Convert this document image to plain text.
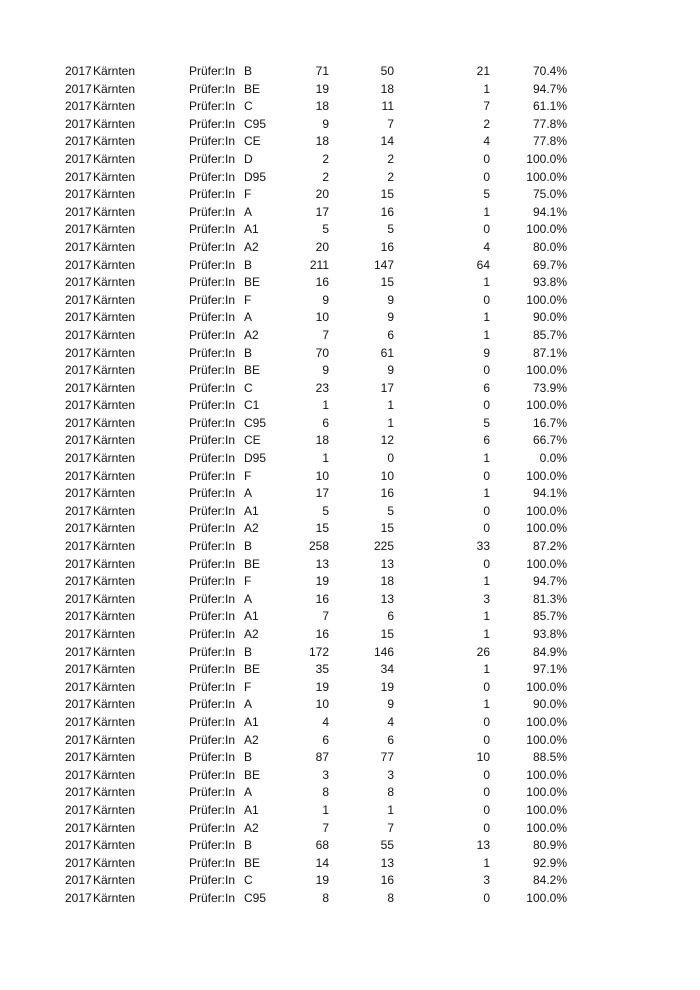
2017 Kärnten	Prüfer:In B	71	50	21	70.4%
2017 Kärnten	Prüfer:In BE	19	18	1	94.7%
2017 Kärnten	Prüfer:In C	18	11	7	61.1%
2017 Kärnten	Prüfer:In C95	9	7	2	77.8%
2017 Kärnten	Prüfer:In CE	18	14	4	77.8%
2017 Kärnten	Prüfer:In D	2	2	0	100.0%
2017 Kärnten	Prüfer:In D95	2	2	0	100.0%
2017 Kärnten	Prüfer:In F	20	15	5	75.0%
2017 Kärnten	Prüfer:In A	17	16	1	94.1%
2017 Kärnten	Prüfer:In A1	5	5	0	100.0%
2017 Kärnten	Prüfer:In A2	20	16	4	80.0%
2017 Kärnten	Prüfer:In B	211	147	64	69.7%
2017 Kärnten	Prüfer:In BE	16	15	1	93.8%
2017 Kärnten	Prüfer:In F	9	9	0	100.0%
2017 Kärnten	Prüfer:In A	10	9	1	90.0%
2017 Kärnten	Prüfer:In A2	7	6	1	85.7%
2017 Kärnten	Prüfer:In B	70	61	9	87.1%
2017 Kärnten	Prüfer:In BE	9	9	0	100.0%
2017 Kärnten	Prüfer:In C	23	17	6	73.9%
2017 Kärnten	Prüfer:In C1	1	1	0	100.0%
2017 Kärnten	Prüfer:In C95	6	1	5	16.7%
2017 Kärnten	Prüfer:In CE	18	12	6	66.7%
2017 Kärnten	Prüfer:In D95	1	0	1	0.0%
2017 Kärnten	Prüfer:In F	10	10	0	100.0%
2017 Kärnten	Prüfer:In A	17	16	1	94.1%
2017 Kärnten	Prüfer:In A1	5	5	0	100.0%
2017 Kärnten	Prüfer:In A2	15	15	0	100.0%
2017 Kärnten	Prüfer:In B	258	225	33	87.2%
2017 Kärnten	Prüfer:In BE	13	13	0	100.0%
2017 Kärnten	Prüfer:In F	19	18	1	94.7%
2017 Kärnten	Prüfer:In A	16	13	3	81.3%
2017 Kärnten	Prüfer:In A1	7	6	1	85.7%
2017 Kärnten	Prüfer:In A2	16	15	1	93.8%
2017 Kärnten	Prüfer:In B	172	146	26	84.9%
2017 Kärnten	Prüfer:In BE	35	34	1	97.1%
2017 Kärnten	Prüfer:In F	19	19	0	100.0%
2017 Kärnten	Prüfer:In A	10	9	1	90.0%
2017 Kärnten	Prüfer:In A1	4	4	0	100.0%
2017 Kärnten	Prüfer:In A2	6	6	0	100.0%
2017 Kärnten	Prüfer:In B	87	77	10	88.5%
2017 Kärnten	Prüfer:In BE	3	3	0	100.0%
2017 Kärnten	Prüfer:In A	8	8	0	100.0%
2017 Kärnten	Prüfer:In A1	1	1	0	100.0%
2017 Kärnten	Prüfer:In A2	7	7	0	100.0%
2017 Kärnten	Prüfer:In B	68	55	13	80.9%
2017 Kärnten	Prüfer:In BE	14	13	1	92.9%
2017 Kärnten	Prüfer:In C	19	16	3	84.2%
2017 Kärnten	Prüfer:In C95	8	8	0	100.0%
